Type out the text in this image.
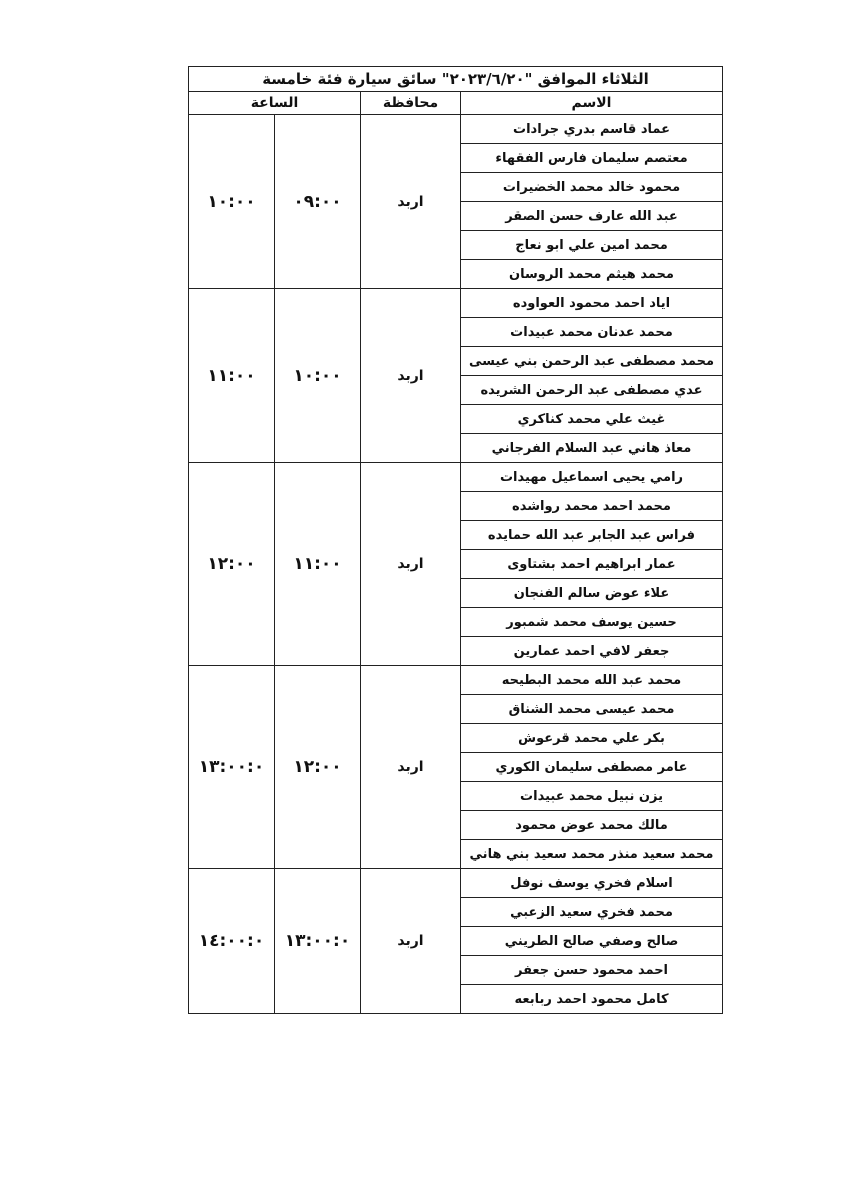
الثلاثاء الموافق "٢٠٢٣/٦/٢٠" سائق سيارة فئة خامسة			
الاسم	محافظة	الساعة	
عماد قاسم بدري جرادات	اربد	٠٩:٠٠	١٠:٠٠
معتصم سليمان فارس الفقهاء			
محمود خالد محمد الخضيرات			
عبد الله عارف حسن الصقر			
محمد امين علي ابو نعاج			
محمد هيثم محمد الروسان			
اياد احمد محمود العواوده	اربد	١٠:٠٠	١١:٠٠
محمد عدنان محمد عبيدات			
محمد مصطفى عبد الرحمن بني عيسى			
عدي مصطفى عبد الرحمن الشريده			
غيث علي محمد كناكري			
معاذ هاني عبد السلام الفرجاني			
رامي يحيى اسماعيل مهيدات	اربد	١١:٠٠	١٢:٠٠
محمد احمد محمد رواشده			
فراس عبد الجابر عبد الله حمايده			
عمار ابراهيم احمد بشتاوى			
علاء عوض سالم الفنجان			
حسين يوسف محمد شمبور			
جعفر لافي احمد عمارين			
محمد عبد الله محمد البطيحه	اربد	١٢:٠٠	١٣:٠٠:٠
محمد عيسى محمد الشناق			
بكر علي محمد قرعوش			
عامر مصطفى سليمان الكوري			
يزن نبيل محمد عبيدات			
مالك محمد عوض محمود			
محمد سعيد منذر محمد سعيد بني هاني			
اسلام فخري يوسف نوفل	اربد	١٣:٠٠:٠	١٤:٠٠:٠
محمد فخري سعيد الزعبي			
صالح وصفي صالح الطريني			
احمد محمود حسن جعفر			
كامل محمود احمد ربابعه			
